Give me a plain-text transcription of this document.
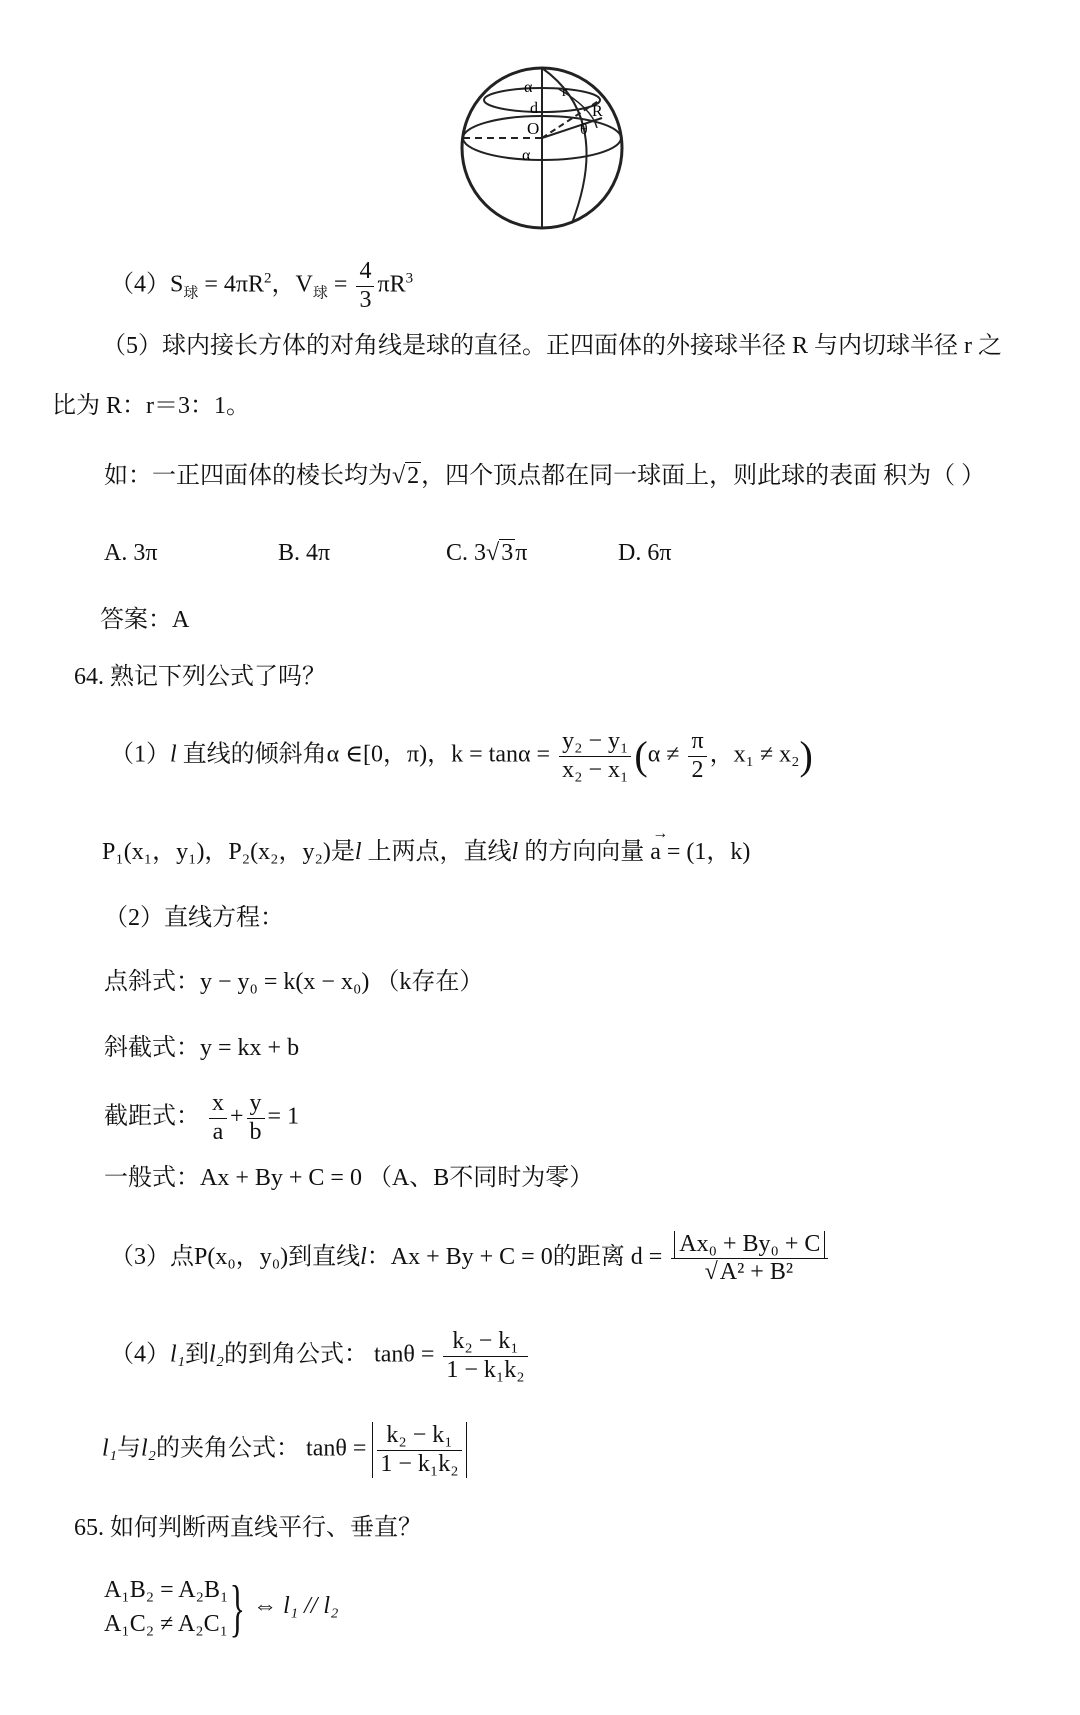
α
d
r
R
O	θ
α
$(4)S_球 = 4\pi R^2$，$V_球 = \frac{4}{3} \pi R^3$
（5）球内接长方体的对角线是球的直径。正四面体的外接球半径 R 与内切球半径 r 之
比为 R：r＝3：1。
如：一正四面体的棱长均为√2，四个顶点都在同一球面上，则此球的表面 积为（ ）
A. 3π	B. 4π	C. 3√3π	D. 6π
答案：A
64. 熟记下列公式了吗？
（1）l 直线的倾斜角α ∈[0，π)，$k = \tan\alpha = \frac{\text{y₂ − y₁}}{\text{x₂ − x₁}} (\alpha \ne \frac{\pi}{2}$ ，x₁ ≠ x₂)
P₁(x₁，y₁)，P₂(x₂，y₂)是l 上两点，直线l 的方向向量
→
a = (1，k)
（2）直线方程：
点斜式：y − y₀ = k(x − x₀) （k存在）
斜截式：y = kx + b
截距式： $\frac{x}{a} + \frac{y}{b} = 1$
一般式：Ax + By + C = 0 （A、B不同时为零）
（3）点P(x₀，y₀)到直线l：Ax + By + C = 0的距离 $d = \frac{\text{Ax₀ + By₀ + C}}{\text{√A² + B²}}$
（4）l₁到l₂的到角公式： $\tan\theta = \frac{\text{k₂ − k₁}}{\text{1 − k₁k₂}}$
l₁与l₂的夹角公式： $\tan\theta = \frac{\text{k₂ − k₁}}{\text{1 − k₁k₂}}$
65. 如何判断两直线平行、垂直？
A₁B₂ = A₂B₁
A₁C₂ ≠ A₂C₁ } ⇔ l₁ // l₂
